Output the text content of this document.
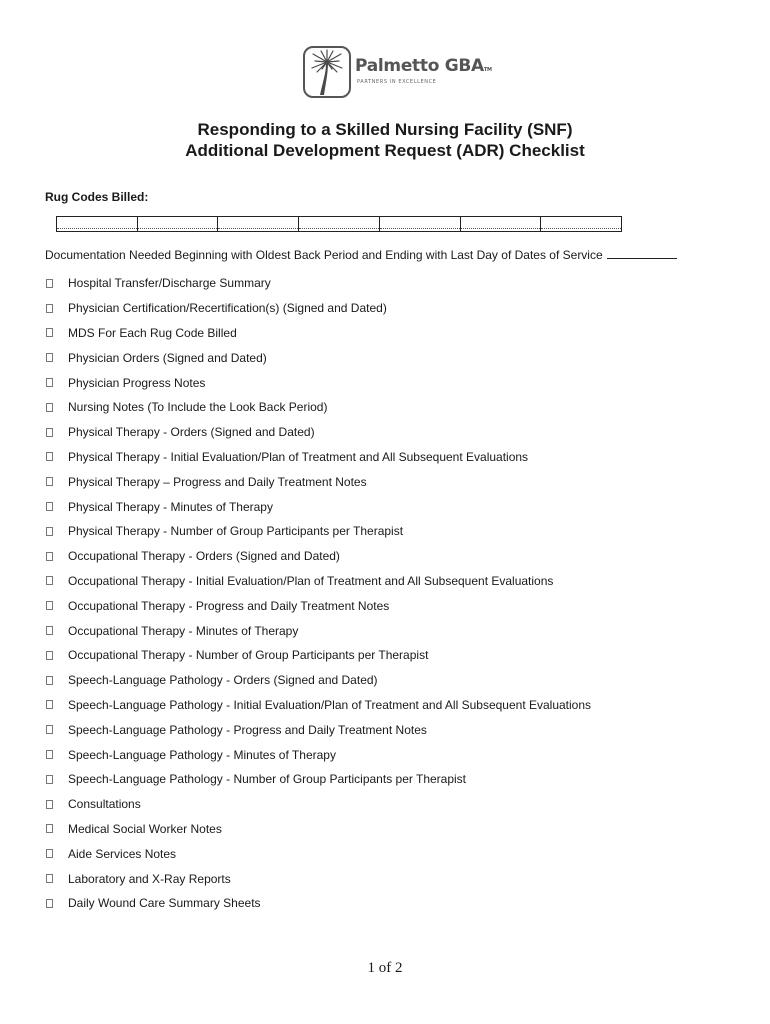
Palmetto GBATM
PARTNERS IN EXCELLENCE
Responding to a Skilled Nursing Facility (SNF)
Additional Development Request (ADR) Checklist
Rug Codes Billed:
Documentation Needed Beginning with Oldest Back Period and Ending with Last Day of Dates of Service
Hospital Transfer/Discharge Summary
Physician Certification/Recertification(s) (Signed and Dated)
MDS For Each Rug Code Billed
Physician Orders (Signed and Dated)
Physician Progress Notes
Nursing Notes (To Include the Look Back Period)
Physical Therapy - Orders (Signed and Dated)
Physical Therapy - Initial Evaluation/Plan of Treatment and All Subsequent Evaluations
Physical Therapy – Progress and Daily Treatment Notes
Physical Therapy - Minutes of Therapy
Physical Therapy - Number of Group Participants per Therapist
Occupational Therapy - Orders (Signed and Dated)
Occupational Therapy - Initial Evaluation/Plan of Treatment and All Subsequent Evaluations
Occupational Therapy - Progress and Daily Treatment Notes
Occupational Therapy - Minutes of Therapy
Occupational Therapy - Number of Group Participants per Therapist
Speech-Language Pathology - Orders (Signed and Dated)
Speech-Language Pathology - Initial Evaluation/Plan of Treatment and All Subsequent Evaluations
Speech-Language Pathology - Progress and Daily Treatment Notes
Speech-Language Pathology - Minutes of Therapy
Speech-Language Pathology - Number of Group Participants per Therapist
Consultations
Medical Social Worker Notes
Aide Services Notes
Laboratory and X-Ray Reports
Daily Wound Care Summary Sheets
1 of 2
